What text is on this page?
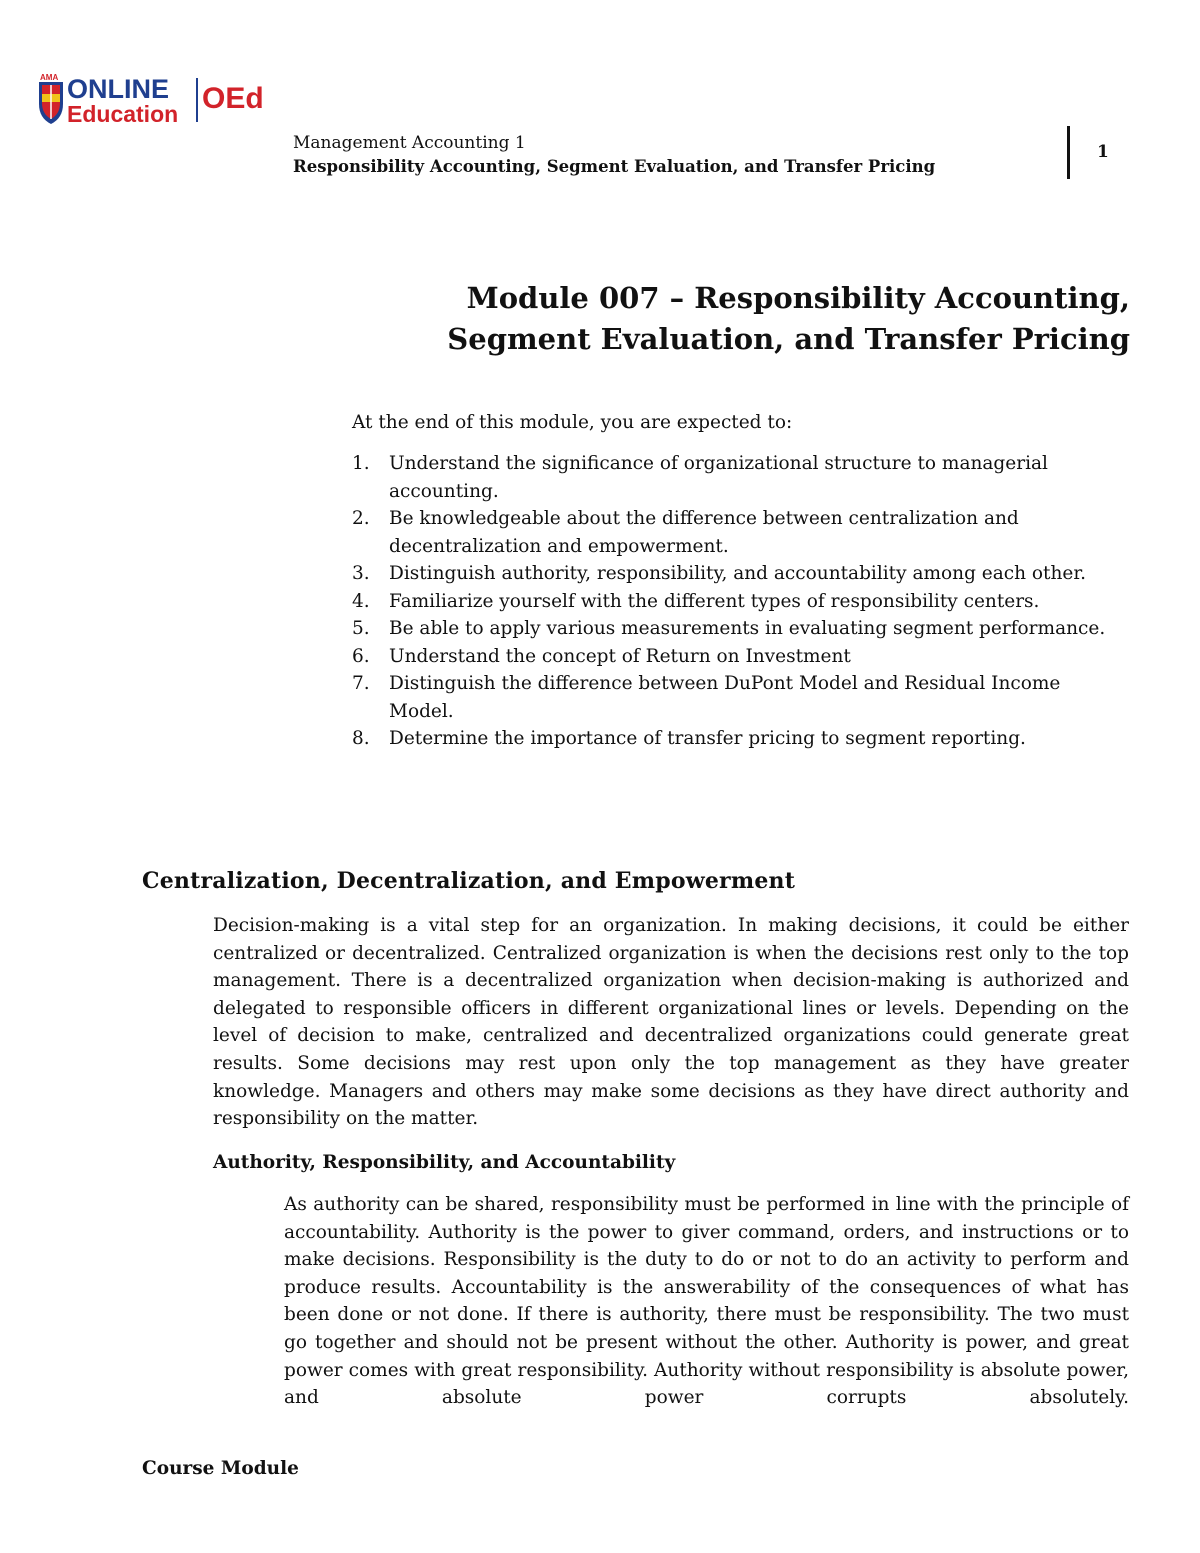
AMA ONLINE
Education OEd
Management Accounting 1
Responsibility Accounting, Segment Evaluation, and Transfer Pricing
1
Module 007 – Responsibility Accounting,
Segment Evaluation, and Transfer Pricing
At the end of this module, you are expected to:
1. Understand the significance of organizational structure to managerial accounting.
2. Be knowledgeable about the difference between centralization and decentralization and empowerment.
3. Distinguish authority, responsibility, and accountability among each other.
4. Familiarize yourself with the different types of responsibility centers.
5. Be able to apply various measurements in evaluating segment performance.
6. Understand the concept of Return on Investment
7. Distinguish the difference between DuPont Model and Residual Income Model.
8. Determine the importance of transfer pricing to segment reporting.
Centralization, Decentralization, and Empowerment
Decision-making is a vital step for an organization. In making decisions, it could be either centralized or decentralized. Centralized organization is when the decisions rest only to the top management. There is a decentralized organization when decision-making is authorized and delegated to responsible officers in different organizational lines or levels. Depending on the level of decision to make, centralized and decentralized organizations could generate great results. Some decisions may rest upon only the top management as they have greater knowledge. Managers and others may make some decisions as they have direct authority and responsibility on the matter.
Authority, Responsibility, and Accountability
As authority can be shared, responsibility must be performed in line with the principle of accountability. Authority is the power to giver command, orders, and instructions or to make decisions. Responsibility is the duty to do or not to do an activity to perform and produce results. Accountability is the answerability of the consequences of what has been done or not done. If there is authority, there must be responsibility. The two must go together and should not be present without the other. Authority is power, and great power comes with great responsibility. Authority without responsibility is absolute power, and absolute power corrupts absolutely.
Course Module
